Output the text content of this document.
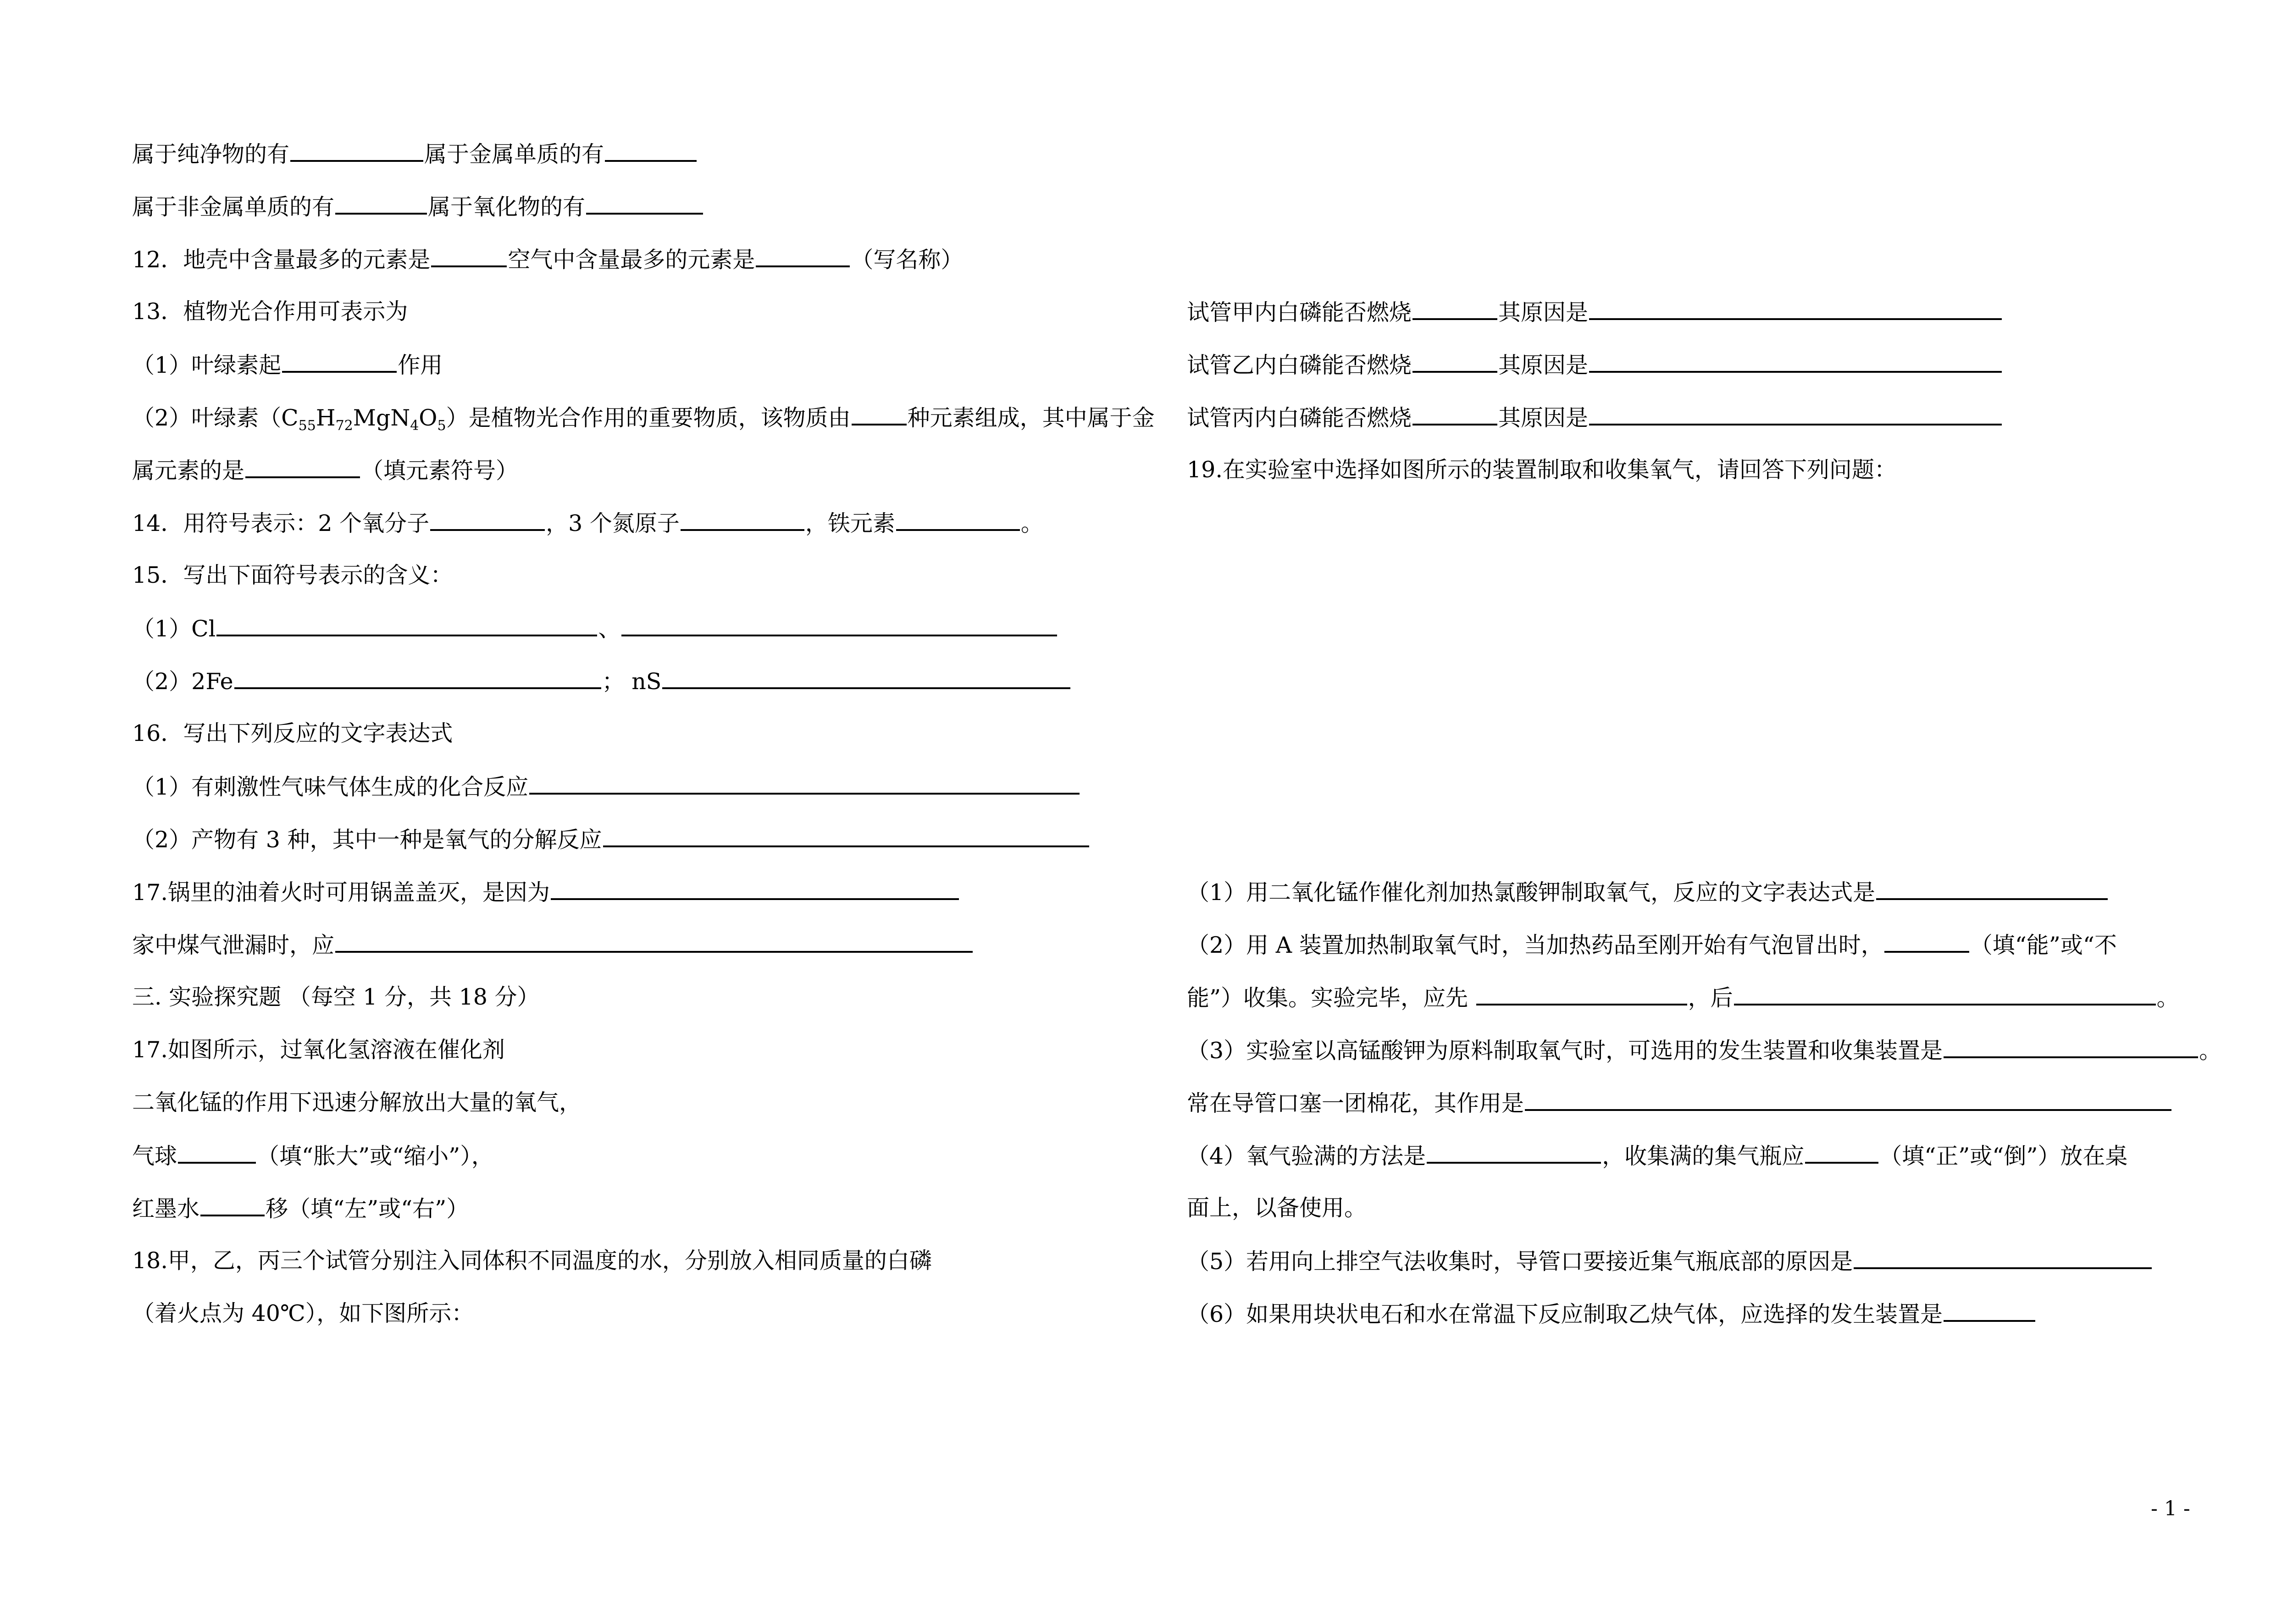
属于纯净物的有	属于金属单质的有
属于非金属单质的有	属于氧化物的有
12．地壳中含量最多的元素是	空气中含量最多的元素是	（写名称）
13．植物光合作用可表示为
（1）叶绿素起	作用
（2）叶绿素$(C_{55}H_{72}MgN_4O_5)$是植物光合作用的重要物质，该物质由	种元素组成，其中属于金
属元素的是	（填元素符号）
14．用符号表示：2 个氧分子	，3 个氮原子	，铁元素	。
15．写出下面符号表示的含义：
（1）Cl	、
（2）2Fe	； nS
16．写出下列反应的文字表达式
（1）有刺激性气味气体生成的化合反应
（2）产物有 3 种，其中一种是氧气的分解反应
17.锅里的油着火时可用锅盖盖灭，是因为
家中煤气泄漏时，应
三. 实验探究题 （每空 1 分，共 18 分）
17.如图所示，过氧化氢溶液在催化剂
二氧化锰的作用下迅速分解放出大量的氧气，
气球	（填“胀大”或“缩小”），
红墨水	移（填“左”或“右”）
18.甲，乙，丙三个试管分别注入同体积不同温度的水，分别放入相同质量的白磷
（着火点为 40℃），如下图所示：
试管甲内白磷能否燃烧	其原因是
试管乙内白磷能否燃烧	其原因是
试管丙内白磷能否燃烧	其原因是
19.在实验室中选择如图所示的装置制取和收集氧气，请回答下列问题：
（1）用二氧化锰作催化剂加热氯酸钾制取氧气，反应的文字表达式是
（2）用 A 装置加热制取氧气时，当加热药品至刚开始有气泡冒出时，	（填“能”或“不
能”）收集。实验完毕，应先	，后	。
（3）实验室以高锰酸钾为原料制取氧气时，可选用的发生装置和收集装置是	。
常在导管口塞一团棉花，其作用是
（4）氧气验满的方法是	，收集满的集气瓶应	（填“正”或“倒”）放在桌
面上，以备使用。
（5）若用向上排空气法收集时，导管口要接近集气瓶底部的原因是
（6）如果用块状电石和水在常温下反应制取乙炔气体，应选择的发生装置是
- 1 -
